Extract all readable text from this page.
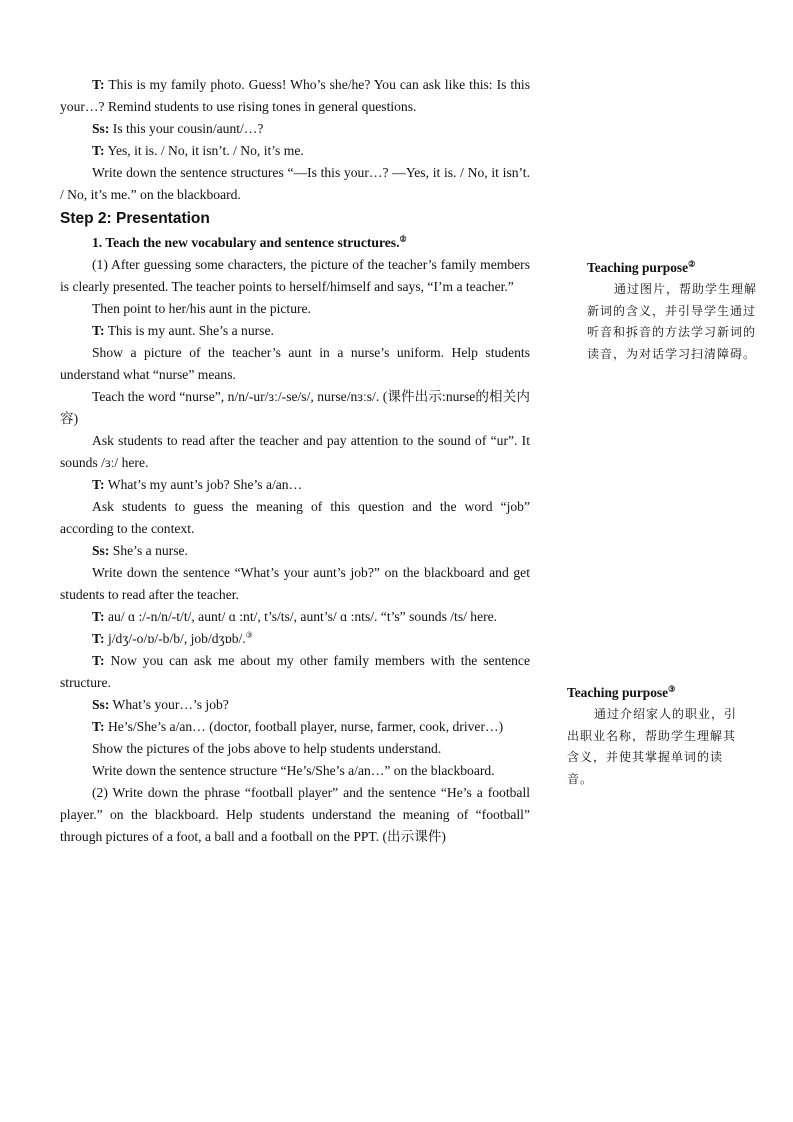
T: This is my family photo. Guess! Who’s she/he? You can ask like this: Is this your…? Remind students to use rising tones in general questions.

Ss: Is this your cousin/aunt/…?

T: Yes, it is. / No, it isn’t. / No, it’s me.

Write down the sentence structures “—Is this your…? —Yes, it is. / No, it isn’t. / No, it’s me.” on the blackboard.

Step 2: Presentation

1. Teach the new vocabulary and sentence structures.②

(1) After guessing some characters, the picture of the teacher’s family members is clearly presented. The teacher points to herself/himself and says, “I’m a teacher.”

Then point to her/his aunt in the picture.

T: This is my aunt. She’s a nurse.

Show a picture of the teacher’s aunt in a nurse’s uniform. Help students understand what “nurse” means.

Teach the word “nurse”, n/n/-ur/ɜː/-se/s/, nurse/nɜːs/. (课件出示:nurse的相关内容)

Ask students to read after the teacher and pay attention to the sound of “ur”. It sounds /ɜː/ here.

T: What’s my aunt’s job? She’s a/an…

Ask students to guess the meaning of this question and the word “job” according to the context.

Ss: She’s a nurse.

Write down the sentence “What’s your aunt’s job?” on the blackboard and get students to read after the teacher.

T: au/ ɑ :/-n/n/-t/t/, aunt/ ɑ :nt/, t’s/ts/, aunt’s/ ɑ :nts/. “t’s” sounds /ts/ here.

T: j/dʒ/-o/ɒ/-b/b/, job/dʒɒb/.③

T: Now you can ask me about my other family members with the sentence structure.

Ss: What’s your…’s job?

T: He’s/She’s a/an… (doctor, football player, nurse, farmer, cook, driver…)

Show the pictures of the jobs above to help students understand.

Write down the sentence structure “He’s/She’s a/an…” on the blackboard.

(2) Write down the phrase “football player” and the sentence “He’s a football player.” on the blackboard. Help students understand the meaning of “football” through pictures of a foot, a ball and a football on the PPT. (出示课件)

Teaching purpose②

通过图片，帮助学生理解新词的含义，并引导学生通过听音和拆音的方法学习新词的读音，为对话学习扫清障碍。

Teaching purpose③

通过介绍家人的职业，引出职业名称，帮助学生理解其含义，并使其掌握单词的读音。
